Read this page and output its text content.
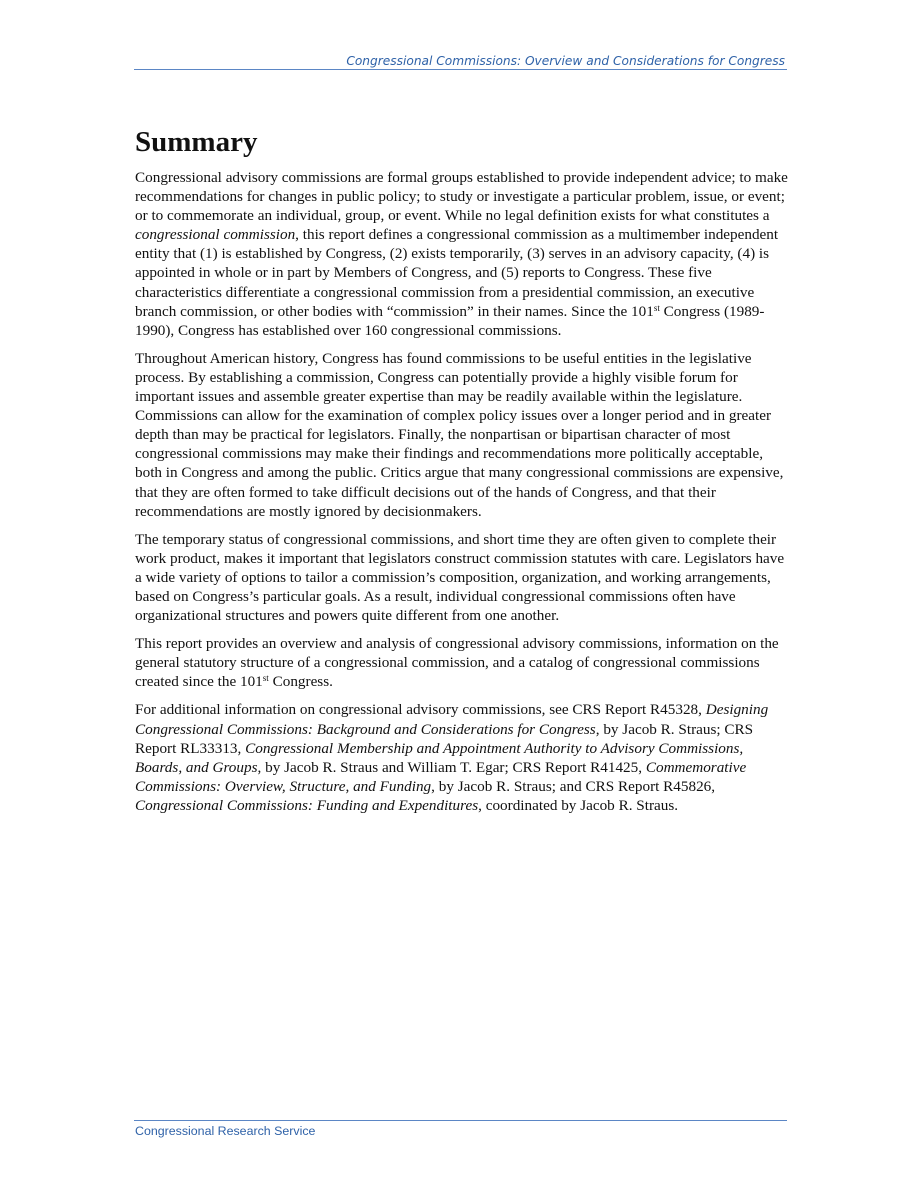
Congressional Commissions: Overview and Considerations for Congress
Summary

Congressional advisory commissions are formal groups established to provide independent advice; to make recommendations for changes in public policy; to study or investigate a particular problem, issue, or event; or to commemorate an individual, group, or event. While no legal definition exists for what constitutes a congressional commission, this report defines a congressional commission as a multimember independent entity that (1) is established by Congress, (2) exists temporarily, (3) serves in an advisory capacity, (4) is appointed in whole or in part by Members of Congress, and (5) reports to Congress. These five characteristics differentiate a congressional commission from a presidential commission, an executive branch commission, or other bodies with “commission” in their names. Since the 101st Congress (1989-1990), Congress has established over 160 congressional commissions.

Throughout American history, Congress has found commissions to be useful entities in the legislative process. By establishing a commission, Congress can potentially provide a highly visible forum for important issues and assemble greater expertise than may be readily available within the legislature. Commissions can allow for the examination of complex policy issues over a longer period and in greater depth than may be practical for legislators. Finally, the nonpartisan or bipartisan character of most congressional commissions may make their findings and recommendations more politically acceptable, both in Congress and among the public. Critics argue that many congressional commissions are expensive, that they are often formed to take difficult decisions out of the hands of Congress, and that their recommendations are mostly ignored by decisionmakers.

The temporary status of congressional commissions, and short time they are often given to complete their work product, makes it important that legislators construct commission statutes with care. Legislators have a wide variety of options to tailor a commission’s composition, organization, and working arrangements, based on Congress’s particular goals. As a result, individual congressional commissions often have organizational structures and powers quite different from one another.

This report provides an overview and analysis of congressional advisory commissions, information on the general statutory structure of a congressional commission, and a catalog of congressional commissions created since the 101st Congress.

For additional information on congressional advisory commissions, see CRS Report R45328, Designing Congressional Commissions: Background and Considerations for Congress, by Jacob R. Straus; CRS Report RL33313, Congressional Membership and Appointment Authority to Advisory Commissions, Boards, and Groups, by Jacob R. Straus and William T. Egar; CRS Report R41425, Commemorative Commissions: Overview, Structure, and Funding, by Jacob R. Straus; and CRS Report R45826, Congressional Commissions: Funding and Expenditures, coordinated by Jacob R. Straus.

Congressional Research Service
